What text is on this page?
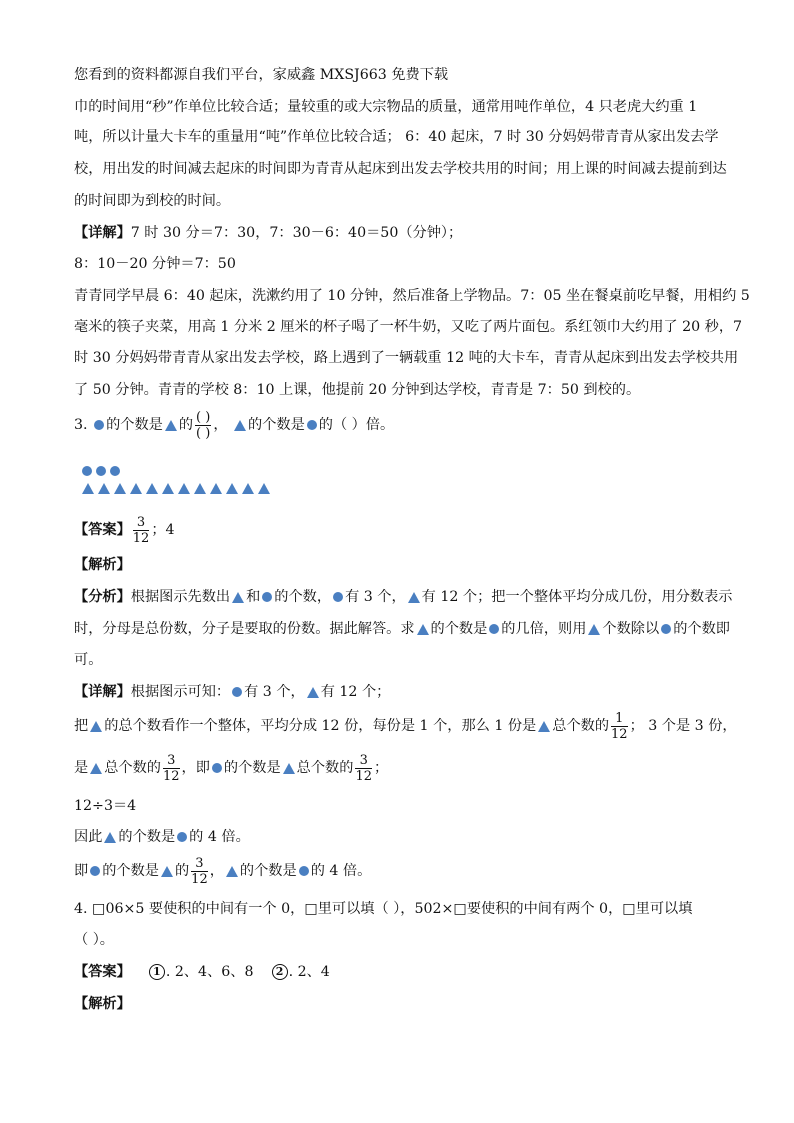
您看到的资料都源自我们平台，家威鑫 MXSJ663 免费下载
巾的时间用“秒”作单位比较合适；量较重的或大宗物品的质量，通常用吨作单位，4 只老虎大约重 1
吨，所以计量大卡车的重量用“吨”作单位比较合适； 6：40 起床，7 时 30 分妈妈带青青从家出发去学
校，用出发的时间减去起床的时间即为青青从起床到出发去学校共用的时间；用上课的时间减去提前到达
的时间即为到校的时间。
【详解】7 时 30 分＝7：30，7：30－6：40＝50（分钟）；
8：10－20 分钟＝7：50
青青同学早晨 6：40 起床，洗漱约用了 10 分钟，然后准备上学物品。7：05 坐在餐桌前吃早餐，用相约 5
毫米的筷子夹菜，用高 1 分米 2 厘米的杯子喝了一杯牛奶，又吃了两片面包。系红领巾大约用了 20 秒，7
时 30 分妈妈带青青从家出发去学校，路上遇到了一辆载重 12 吨的大卡车，青青从起床到出发去学校共用
了 50 分钟。青青的学校 8：10 上课，他提前 20 分钟到达学校，青青是 7：50 到校的。
3. 的个数是 的 $\frac{( )}{( )}$ ， 的个数是 的（ ）倍。
【答案】 $\frac{3}{12}$ ；4
【解析】
【分析】根据图示先数出 和 的个数， 有 3 个， 有 12 个；把一个整体平均分成几份，用分数表示
时，分母是总份数，分子是要取的份数。据此解答。求 的个数是 的几倍，则用 个数除以 的个数即
可。
【详解】根据图示可知： 有 3 个， 有 12 个；
把 的总个数看作一个整体，平均分成 12 份，每份是 1 个，那么 1 份是 总个数的 $\frac{1}{12}$ ； 3 个是 3 份，
是 总个数的 $\frac{3}{12}$ ，即 的个数是 总个数的 $\frac{3}{12}$ ；
12÷3＝4
因此 的个数是 的 4 倍。
即 的个数是 的 $\frac{3}{12}$ ， 的个数是 的 4 倍。
4. □06×5 要使积的中间有一个 0，□里可以填（ ），502×□要使积的中间有两个 0，□里可以填
（ ）。
【答案】 1 . 2、4、6、8 2 . 2、4
【解析】
